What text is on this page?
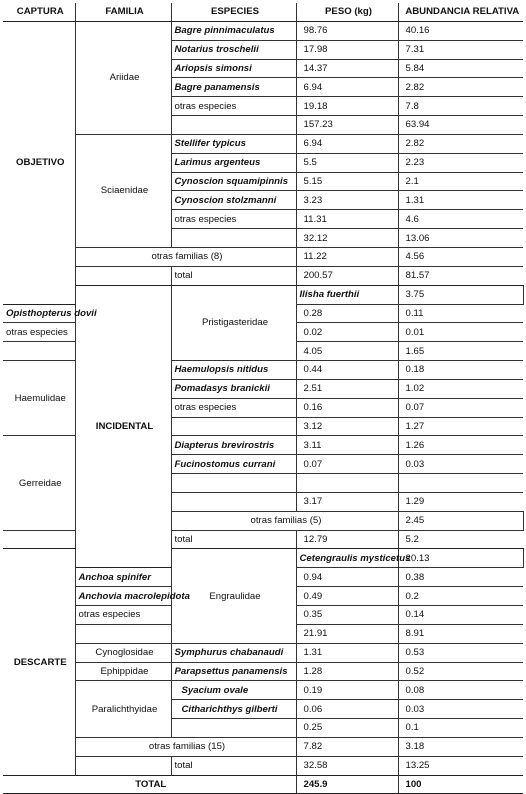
CAPTURA	FAMILIA	ESPECIES	PESO (kg)	ABUNDANCIA RELATIVA	
OBJETIVO	Ariidae	Bagre pinnimaculatus	98.76	40.16	
		Notarius troschelii	17.98	7.31	
		Ariopsis simonsi	14.37	5.84	
		Bagre panamensis	6.94	2.82	
		otras especies	19.18	7.8	
			157.23	63.94	
	Sciaenidae	Stellifer typicus	6.94	2.82	
		Larimus argenteus	5.5	2.23	
		Cynoscion squamipinnis	5.15	2.1	
		Cynoscion stolzmanni	3.23	1.31	
		otras especies	11.31	4.6	
			32.12	13.06	
	otras familias (8)		11.22	4.56	
		total	200.57	81.57	
	INCIDENTAL	Pristigasteridae	Ilisha fuerthii	3.75	
Opisthopterus dovii			0.28	0.11	
otras especies			0.02	0.01	
			4.05	1.65	
Haemulidae		Haemulopsis nitidus	0.44	0.18	
		Pomadasys branickii	2.51	1.02	
		otras especies	0.16	0.07	
			3.12	1.27	
Gerreidae		Diapterus brevirostris	3.11	1.26	
		Fucinostomus currani	0.07	0.03	

			3.17	1.29	
		otras familias (5)		2.45	
		total	12.79	5.2	
DESCARTE		Engraulidae	Cetengraulis mysticetus	20.13	
	Anchoa spinifer		0.94	0.38	
	Anchovia macrolepidota		0.49	0.2	
	otras especies		0.35	0.14	
			21.91	8.91	
	Cynoglosidae	Symphurus chabanaudi	1.31	0.53	
	Ephippidae	Parapsettus panamensis	1.28	0.52	
	Paralichthyidae	Syacium ovale	0.19	0.08	
		Citharichthys gilberti	0.06	0.03	
			0.25	0.1	
	otras familias (15)		7.82	3.18	
		total	32.58	13.25	
TOTAL			245.9	100	
